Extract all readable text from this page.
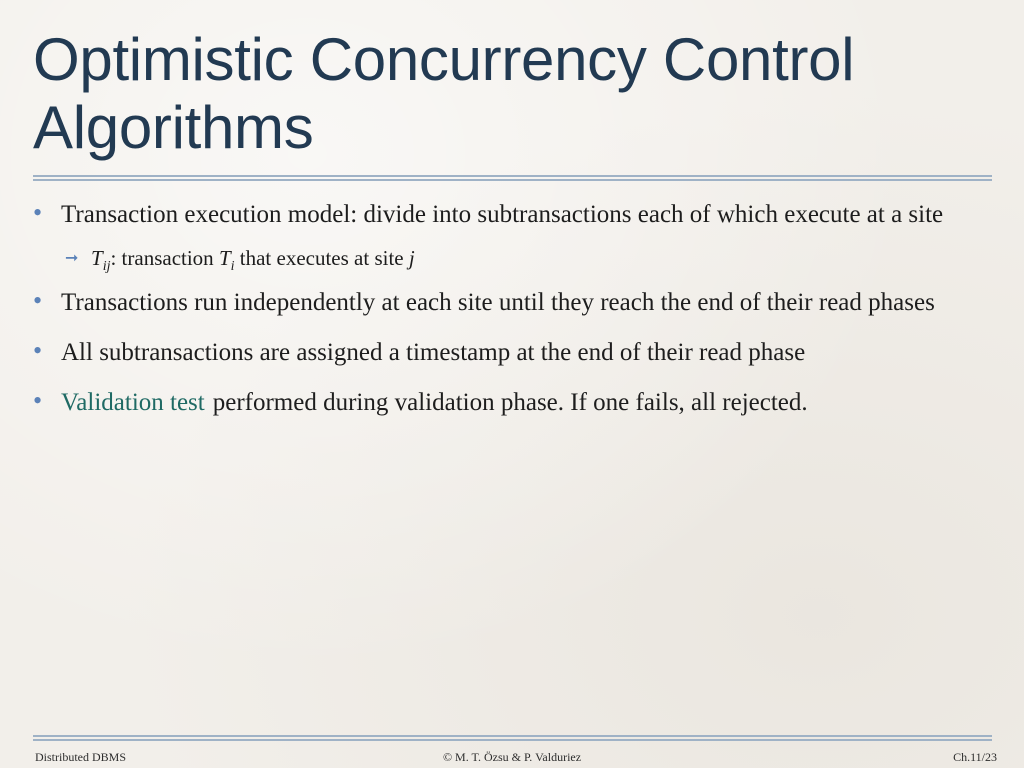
Optimistic Concurrency Control Algorithms
• Transaction execution model: divide into subtransactions each of which execute at a site
➞ $T_{ij}$: transaction $T_i$ that executes at site j
• Transactions run independently at each site until they reach the end of their read phases
• All subtransactions are assigned a timestamp at the end of their read phase
• Validation test performed during validation phase. If one fails, all rejected.
Distributed DBMS	© M. T. Özsu & P. Valduriez	Ch.11/23
